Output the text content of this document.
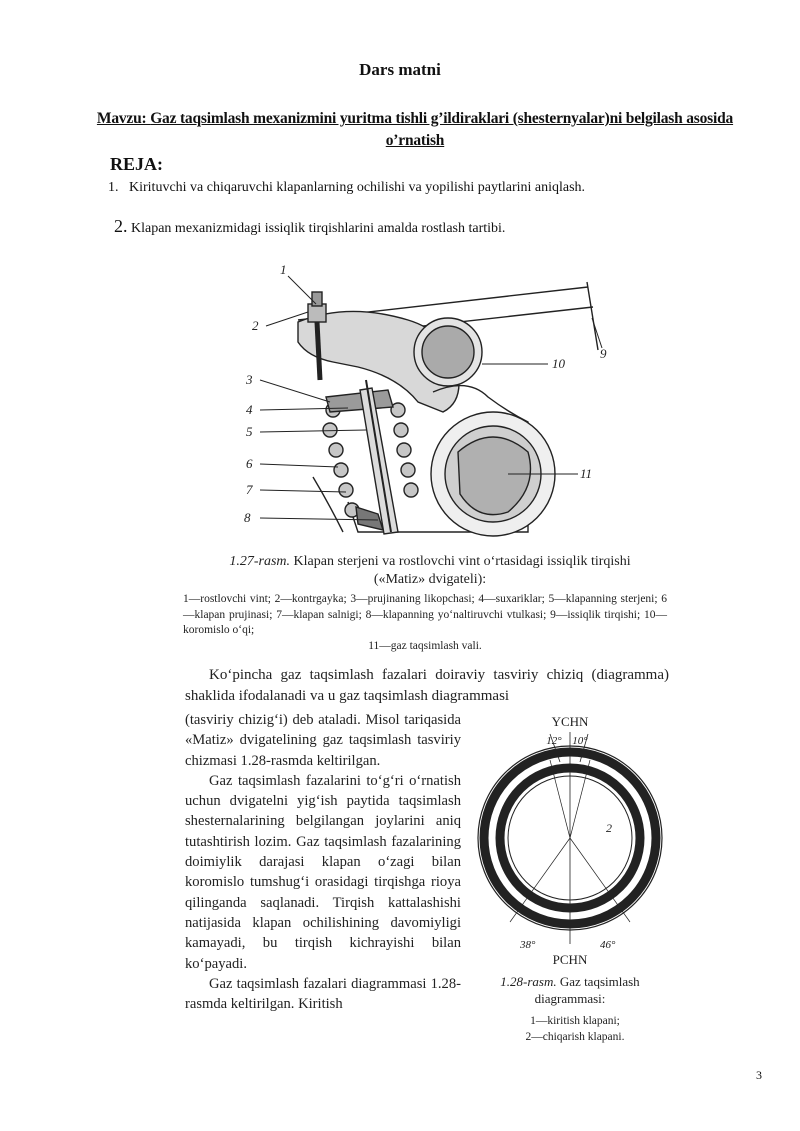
Dars matni
Mavzu: Gaz taqsimlash mexanizmini yuritma tishli g’ildiraklari (shesternyalar)ni belgilash asosida o’rnatish
REJA:
1. Kirituvchi va chiqaruvchi klapanlarning ochilishi va yopilishi paytlarini aniqlash.
2. Klapan mexanizmidagi issiqlik tirqishlarini amalda rostlash tartibi.
1
2
3
4
5
6
7
8
9
10
11
1.27-rasm. Klapan sterjeni va rostlovchi vint o‘rtasidagi issiqlik tirqishi
(«Matiz» dvigateli):
1—rostlovchi vint; 2—kontrgayka; 3—prujinaning likopchasi; 4—suxariklar; 5—klapanning sterjeni; 6—klapan prujinasi; 7—klapan salnigi; 8—klapanning yo‘naltiruvchi vtulkasi; 9—issiqlik tirqishi; 10—koromislo o‘qi;
11—gaz taqsimlash vali.
Ko‘pincha gaz taqsimlash fazalari doiraviy tasviriy chiziq (diagramma) shaklida ifodalanadi va u gaz taqsimlash diagrammasi

(tasviriy chizig‘i) deb ataladi. Misol tariqasida «Matiz» dvigatelining gaz taqsimlash tasviriy chizmasi 1.28-rasmda keltirilgan.

Gaz taqsimlash fazalarini to‘g‘ri o‘rnatish uchun dvigatelni yig‘ish paytida taqsimlash shesternalarining belgilangan joylarini aniq tutashtirish lozim. Gaz taqsimlash fazalarining doimiylik darajasi klapan o‘zagi bilan koromislo tumshug‘i orasidagi tirqishga rioya qilinganda saqlanadi. Tirqish kattalashishi natijasida klapan ochilishining davomiyligi kamayadi, bu tirqish kichrayishi bilan ko‘payadi.

Gaz taqsimlash fazalari diagrammasi 1.28-rasmda keltirilgan. Kiritish

YCHN
12° 10°
2
38°	46°
PCHN
1.28-rasm. Gaz taqsimlash diagrammasi:
1—kiritish klapani;
2—chiqarish klapani.
3
